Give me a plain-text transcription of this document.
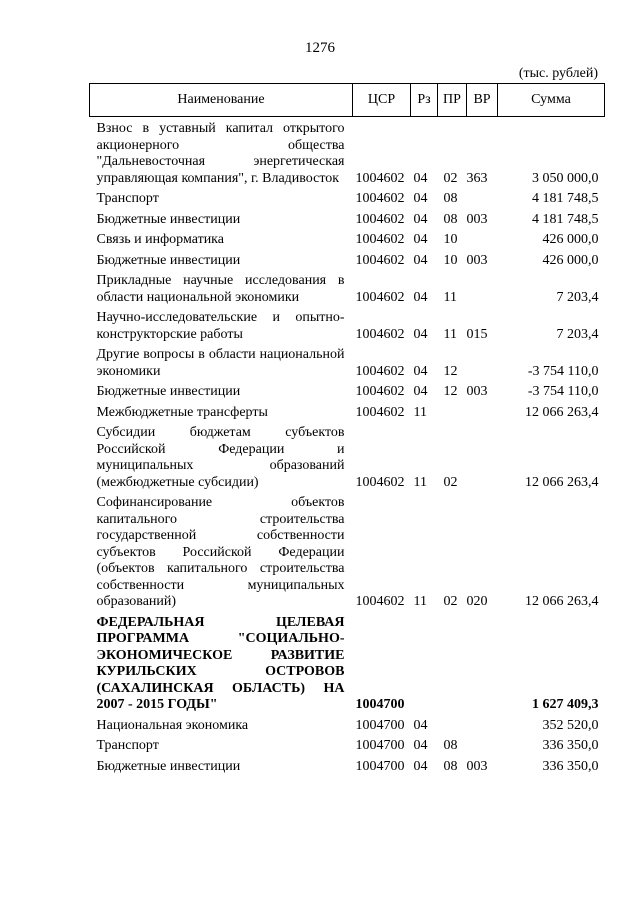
1276
(тыс. рублей)
Наименование	ЦСР	Рз	ПР	ВР	Сумма
Взнос в уставный капитал открытого акционерного общества "Дальневосточная энергетическая управляющая компания", г. Владивосток	1004602	04	02	363	3 050 000,0
Транспорт	1004602	04	08		4 181 748,5
Бюджетные инвестиции	1004602	04	08	003	4 181 748,5
Связь и информатика	1004602	04	10		426 000,0
Бюджетные инвестиции	1004602	04	10	003	426 000,0
Прикладные научные исследования в области национальной экономики	1004602	04	11		7 203,4
Научно-исследовательские и опытно-конструкторские работы	1004602	04	11	015	7 203,4
Другие вопросы в области национальной экономики	1004602	04	12		-3 754 110,0
Бюджетные инвестиции	1004602	04	12	003	-3 754 110,0
Межбюджетные трансферты	1004602	11			12 066 263,4
Субсидии бюджетам субъектов Российской Федерации и муниципальных образований (межбюджетные субсидии)	1004602	11	02		12 066 263,4
Софинансирование объектов капитального строительства государственной собственности субъектов Российской Федерации (объектов капитального строительства собственности муниципальных образований)	1004602	11	02	020	12 066 263,4
ФЕДЕРАЛЬНАЯ ЦЕЛЕВАЯ ПРОГРАММА "СОЦИАЛЬНО-ЭКОНОМИЧЕСКОЕ РАЗВИТИЕ КУРИЛЬСКИХ ОСТРОВОВ (САХАЛИНСКАЯ ОБЛАСТЬ) НА 2007 - 2015 ГОДЫ"	1004700				1 627 409,3
Национальная экономика	1004700	04			352 520,0
Транспорт	1004700	04	08		336 350,0
Бюджетные инвестиции	1004700	04	08	003	336 350,0
